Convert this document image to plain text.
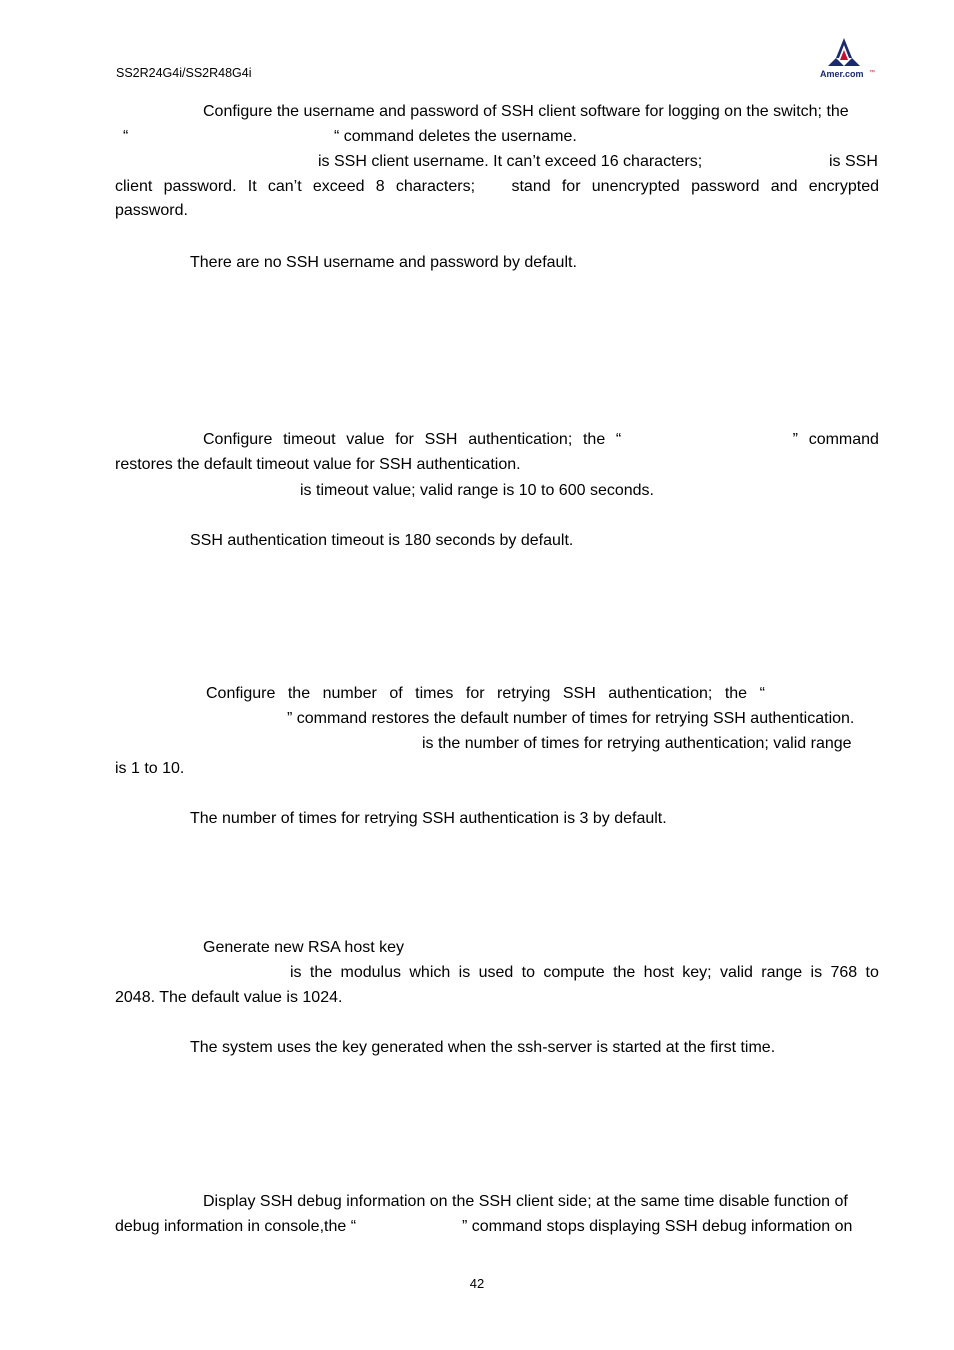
SS2R24G4i/SS2R48G4i	Amer.com ™
Configure the username and password of SSH client software for logging on the switch; the
“	“ command deletes the username.
is SSH client username. It can’t exceed 16 characters;	is SSH
client password. It can’t exceed 8 characters; stand for unencrypted password and encrypted
password.
There are no SSH username and password by default.
Configure timeout value for SSH authentication; the “	” command
restores the default timeout value for SSH authentication.
is timeout value; valid range is 10 to 600 seconds.
SSH authentication timeout is 180 seconds by default.
Configure the number of times for retrying SSH authentication; the “
” command restores the default number of times for retrying SSH authentication.
is the number of times for retrying authentication; valid range
is 1 to 10.
The number of times for retrying SSH authentication is 3 by default.
Generate new RSA host key
is the modulus which is used to compute the host key; valid range is 768 to
2048. The default value is 1024.
The system uses the key generated when the ssh-server is started at the first time.
Display SSH debug information on the SSH client side; at the same time disable function of
debug information in console,the “	” command stops displaying SSH debug information on
42
